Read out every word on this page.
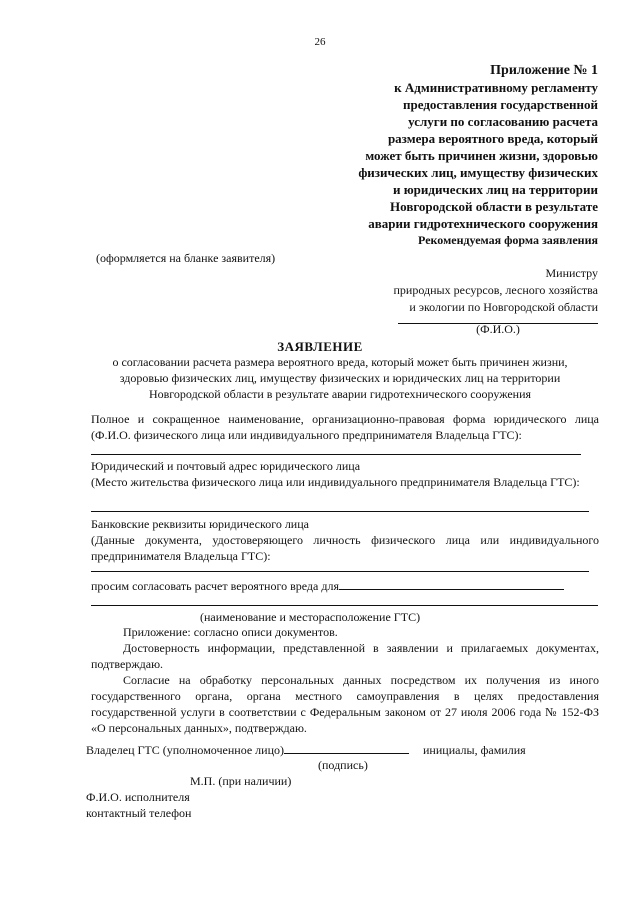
26
Приложение № 1
к Административному регламенту
предоставления государственной
услуги по согласованию расчета
размера вероятного вреда, который
может быть причинен жизни, здоровью
физических лиц, имуществу физических
и юридических лиц на территории
Новгородской области в результате
аварии гидротехнического сооружения
Рекомендуемая форма заявления
(оформляется на бланке заявителя)
Министру
природных ресурсов, лесного хозяйства
и экологии по Новгородской области
(Ф.И.О.)
ЗАЯВЛЕНИЕ
о согласовании расчета размера вероятного вреда, который может быть причинен жизни,
здоровью физических лиц, имуществу физических и юридических лиц на территории
Новгородской области в результате аварии гидротехнического сооружения
Полное и сокращенное наименование, организационно-правовая форма юридического лица (Ф.И.О. физического лица или индивидуального предпринимателя Владельца ГТС):
Юридический и почтовый адрес юридического лица
(Место жительства физического лица или индивидуального предпринимателя Владельца ГТС):
Банковские реквизиты юридического лица
(Данные документа, удостоверяющего личность физического лица или индивидуального предпринимателя Владельца ГТС):
просим согласовать расчет вероятного вреда для
(наименование и месторасположение ГТС)
Приложение: согласно описи документов.
Достоверность информации, представленной в заявлении и прилагаемых документах, подтверждаю.
Согласие на обработку персональных данных посредством их получения из иного государственного органа, органа местного самоуправления в целях предоставления государственной услуги в соответствии с Федеральным законом от 27 июля 2006 года № 152-ФЗ «О персональных данных», подтверждаю.
Владелец ГТС (уполномоченное лицо)	инициалы, фамилия
(подпись)
М.П. (при наличии)
Ф.И.О. исполнителя
контактный телефон
